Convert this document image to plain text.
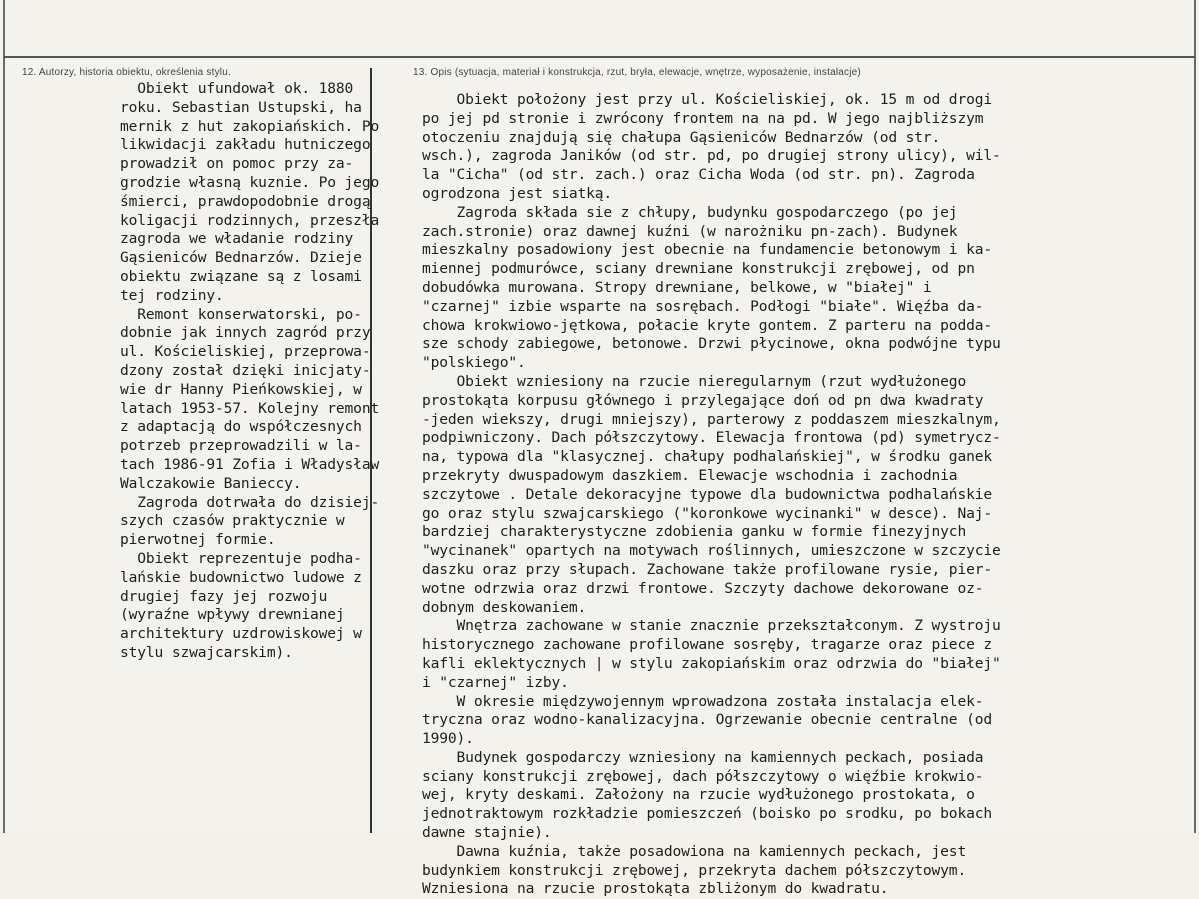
12. Autorzy, historia obiektu, określenia stylu.	13. Opis (sytuacja, materiał i konstrukcja, rzut, bryła, elewacje, wnętrze, wyposażenie, instalacje)
Obiekt ufundował ok. 1880
roku. Sebastian Ustupski, ha
mernik z hut zakopiańskich. Po
likwidacji zakładu hutniczego
prowadził on pomoc przy za-
grodzie własną kuznie. Po jego
śmierci, prawdopodobnie drogą
koligacji rodzinnych, przeszła
zagroda we władanie rodziny
Gąsieniców Bednarzów. Dzieje
obiektu związane są z losami
tej rodziny.
Remont konserwatorski, po-
dobnie jak innych zagród przy
ul. Kościeliskiej, przeprowa-
dzony został dzięki inicjaty-
wie dr Hanny Pieńkowskiej, w
latach 1953-57. Kolejny remont
z adaptacją do współczesnych
potrzeb przeprowadzili w la-
tach 1986-91 Zofia i Władysław
Walczakowie Banieccy.
Zagroda dotrwała do dzisiej-
szych czasów praktycznie w
pierwotnej formie.
Obiekt reprezentuje podha-
lańskie budownictwo ludowe z
drugiej fazy jej rozwoju
(wyraźne wpływy drewnianej
architektury uzdrowiskowej w
stylu szwajcarskim).
Obiekt położony jest przy ul. Kościeliskiej, ok. 15 m od drogi
po jej pd stronie i zwrócony frontem na na pd. W jego najbliższym
otoczeniu znajdują się chałupa Gąsieniców Bednarzów (od str.
wsch.), zagroda Janików (od str. pd, po drugiej strony ulicy), wil-
la "Cicha" (od str. zach.) oraz Cicha Woda (od str. pn). Zagroda
ogrodzona jest siatką.
Zagroda składa sie z chłupy, budynku gospodarczego (po jej
zach.stronie) oraz dawnej kuźni (w narożniku pn-zach). Budynek
mieszkalny posadowiony jest obecnie na fundamencie betonowym i ka-
miennej podmurówce, sciany drewniane konstrukcji zrębowej, od pn
dobudówka murowana. Stropy drewniane, belkowe, w "białej" i
"czarnej" izbie wsparte na sosrębach. Podłogi "białe". Więźba da-
chowa krokwiowo-jętkowa, połacie kryte gontem. Z parteru na podda-
sze schody zabiegowe, betonowe. Drzwi płycinowe, okna podwójne typu
"polskiego".
Obiekt wzniesiony na rzucie nieregularnym (rzut wydłużonego
prostokąta korpusu głównego i przylegające doń od pn dwa kwadraty
-jeden wiekszy, drugi mniejszy), parterowy z poddaszem mieszkalnym,
podpiwniczony. Dach półszczytowy. Elewacja frontowa (pd) symetrycz-
na, typowa dla "klasycznej. chałupy podhalańskiej", w środku ganek
przekryty dwuspadowym daszkiem. Elewacje wschodnia i zachodnia
szczytowe . Detale dekoracyjne typowe dla budownictwa podhalańskie
go oraz stylu szwajcarskiego ("koronkowe wycinanki" w desce). Naj-
bardziej charakterystyczne zdobienia ganku w formie finezyjnych
"wycinanek" opartych na motywach roślinnych, umieszczone w szczycie
daszku oraz przy słupach. Zachowane także profilowane rysie, pier-
wotne odrzwia oraz drzwi frontowe. Szczyty dachowe dekorowane oz-
dobnym deskowaniem.
Wnętrza zachowane w stanie znacznie przekształconym. Z wystroju
historycznego zachowane profilowane sosręby, tragarze oraz piece z
kafli eklektycznych | w stylu zakopiańskim oraz odrzwia do "białej"
i "czarnej" izby.
W okresie międzywojennym wprowadzona została instalacja elek-
tryczna oraz wodno-kanalizacyjna. Ogrzewanie obecnie centralne (od
1990).
Budynek gospodarczy wzniesiony na kamiennych peckach, posiada
sciany konstrukcji zrębowej, dach półszczytowy o więźbie krokwio-
wej, kryty deskami. Założony na rzucie wydłużonego prostokata, o
jednotraktowym rozkładzie pomieszczeń (boisko po srodku, po bokach
dawne stajnie).
Dawna kuźnia, także posadowiona na kamiennych peckach, jest
budynkiem konstrukcji zrębowej, przekryta dachem półszczytowym.
Wzniesiona na rzucie prostokąta zbliżonym do kwadratu.
